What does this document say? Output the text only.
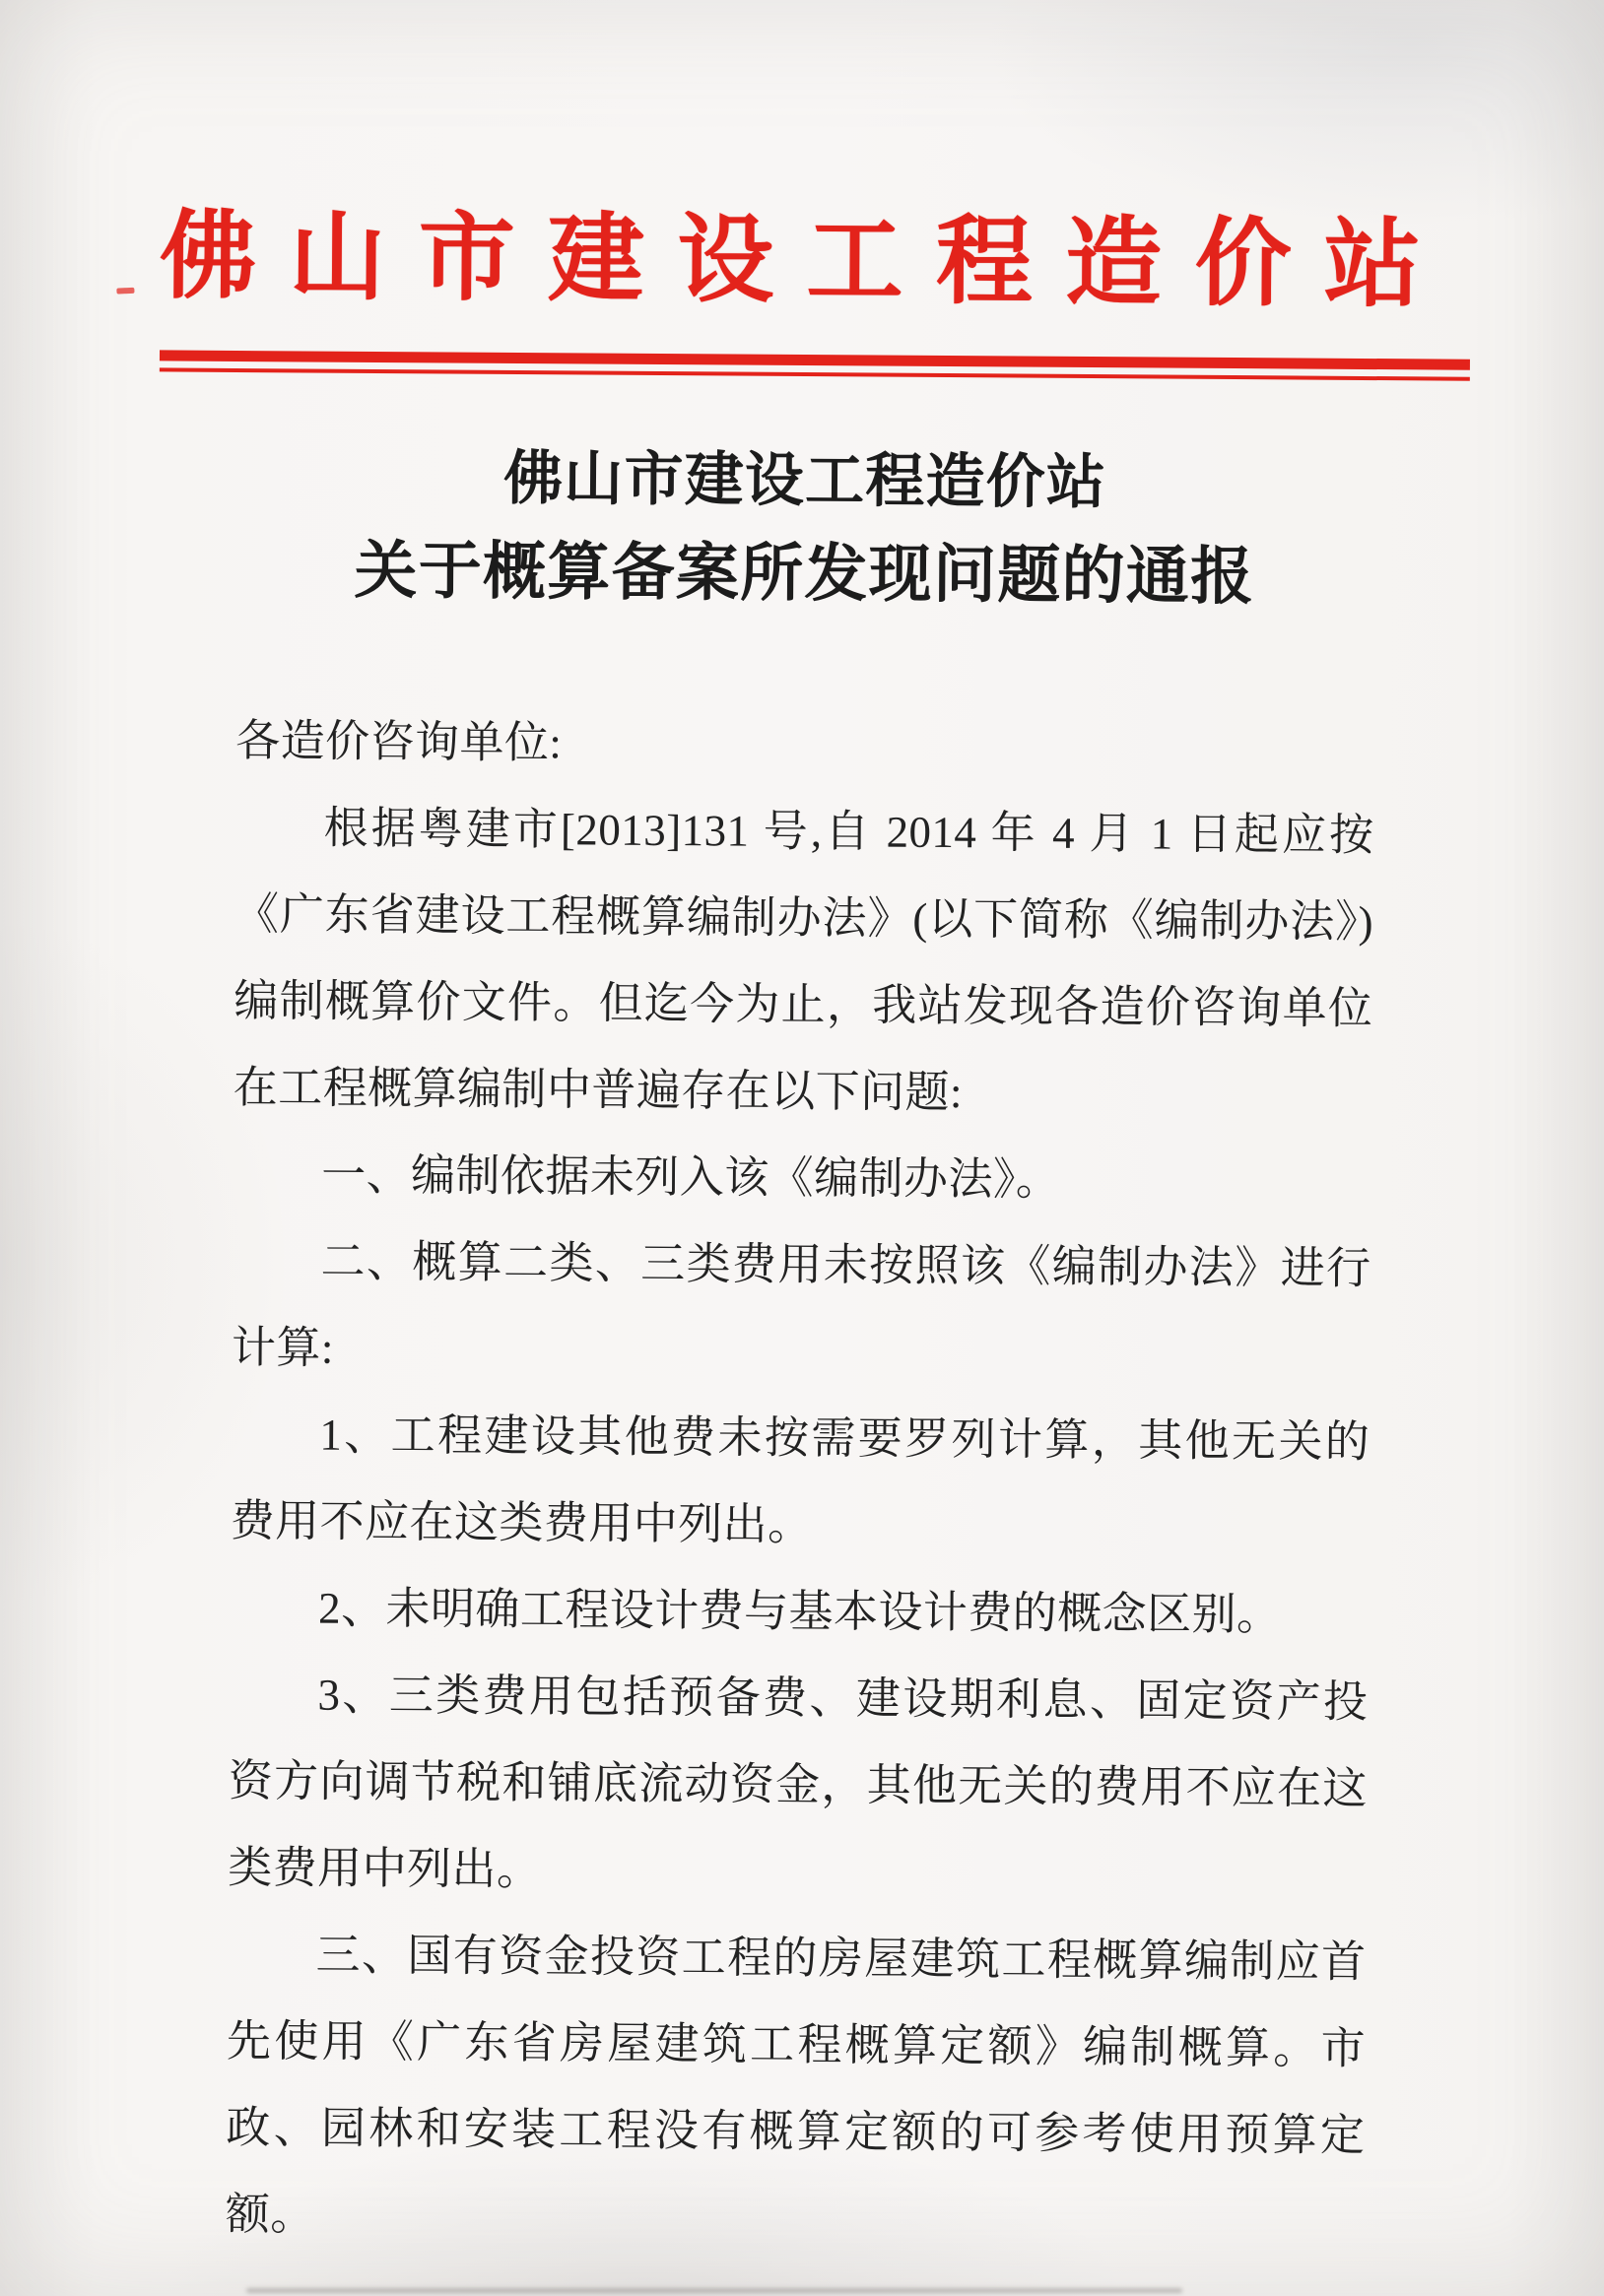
佛山市建设工程造价站
佛山市建设工程造价站
关于概算备案所发现问题的通报

各造价咨询单位:

根据粤建市[2013]131 号,自 2014 年 4 月 1 日起应按《广东省建设工程概算编制办法》(以下简称《编制办法》)编制概算价文件。但迄今为止，我站发现各造价咨询单位在工程概算编制中普遍存在以下问题:

一、编制依据未列入该《编制办法》。

二、概算二类、三类费用未按照该《编制办法》进行计算:

1、工程建设其他费未按需要罗列计算，其他无关的费用不应在这类费用中列出。

2、未明确工程设计费与基本设计费的概念区别。

3、三类费用包括预备费、建设期利息、固定资产投资方向调节税和铺底流动资金，其他无关的费用不应在这类费用中列出。

三、国有资金投资工程的房屋建筑工程概算编制应首先使用《广东省房屋建筑工程概算定额》编制概算。市政、园林和安装工程没有概算定额的可参考使用预算定额。
